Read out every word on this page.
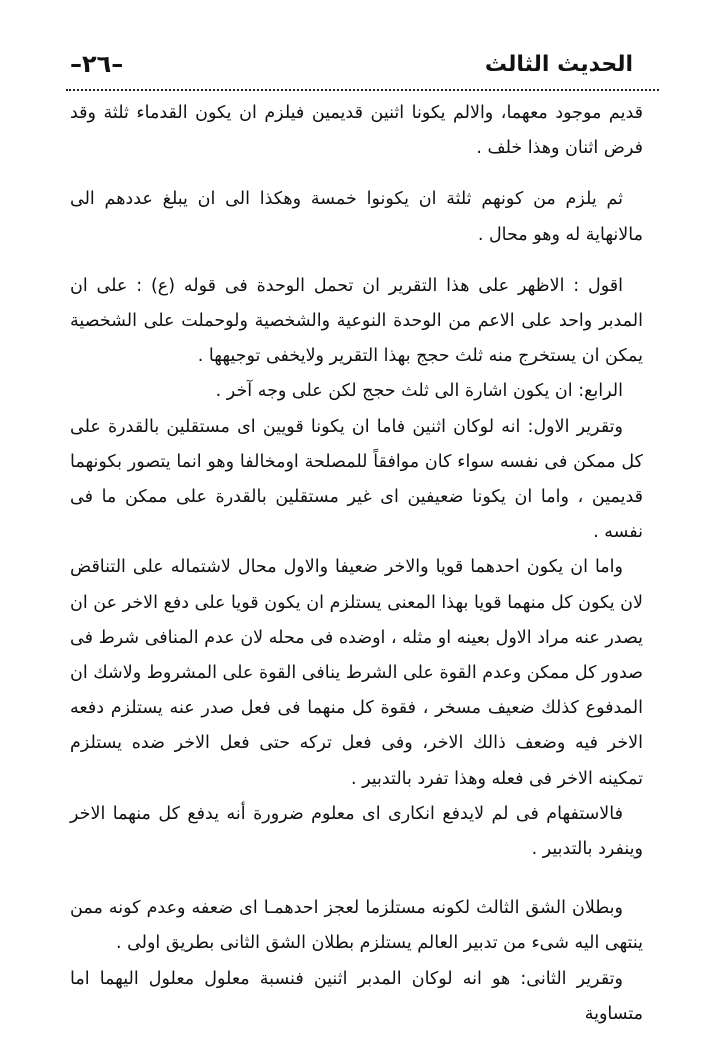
–٢٦–	الحديث الثالث

قديم موجود معهما، والالم يكونا اثنين قديمين فيلزم ان يكون القدماء ثلثة وقد فرض اثنان وهذا خلف .

ثم يلزم من كونهم ثلثة ان يكونوا خمسة وهكذا الى ان يبلغ عددهم الى مالانهاية له وهو محال .

اقول : الاظهر على هذا التقرير ان تحمل الوحدة فى قوله (ع) : على ان المدبر واحد على الاعم من الوحدة النوعية والشخصية ولوحملت على الشخصية يمكن ان يستخرج منه ثلث حجج بهذا التقرير ولايخفى توجيهها .

الرابع: ان يكون اشارة الى ثلث حجج لكن على وجه آخر .

وتقرير الاول: انه لوكان اثنين فاما ان يكونا قويين اى مستقلين بالقدرة على كل ممكن فى نفسه سواء كان موافقاً للمصلحة اومخالفا وهو انما يتصور بكونهما قديمين ، واما ان يكونا ضعيفين اى غير مستقلين بالقدرة على ممكن ما فى نفسه .

واما ان يكون احدهما قويا والاخر ضعيفا والاول محال لاشتماله على التناقض لان يكون كل منهما قويا بهذا المعنى يستلزم ان يكون قويا على دفع الاخر عن ان يصدر عنه مراد الاول بعينه او مثله ، اوضده فى محله لان عدم المنافى شرط فى صدور كل ممكن وعدم القوة على الشرط ينافى القوة على المشروط ولاشك ان المدفوع كذلك ضعيف مسخر ، فقوة كل منهما فى فعل صدر عنه يستلزم دفعه الاخر فيه وضعف ذالك الاخر، وفى فعل تركه حتى فعل الاخر ضده يستلزم تمكينه الاخر فى فعله وهذا تفرد بالتدبير .

فالاستفهام فى لم لايدفع انكارى اى معلوم ضرورة أنه يدفع كل منهما الاخر وينفرد بالتدبير .

وبطلان الشق الثالث لكونه مستلزما لعجز احدهمـا اى ضعفه وعدم كونه ممن ينتهى اليه شىء من تدبير العالم يستلزم بطلان الشق الثانى بطريق اولى .

وتقرير الثانى: هو انه لوكان المدبر اثنين فنسبة معلول معلول اليهما اما متساوية
